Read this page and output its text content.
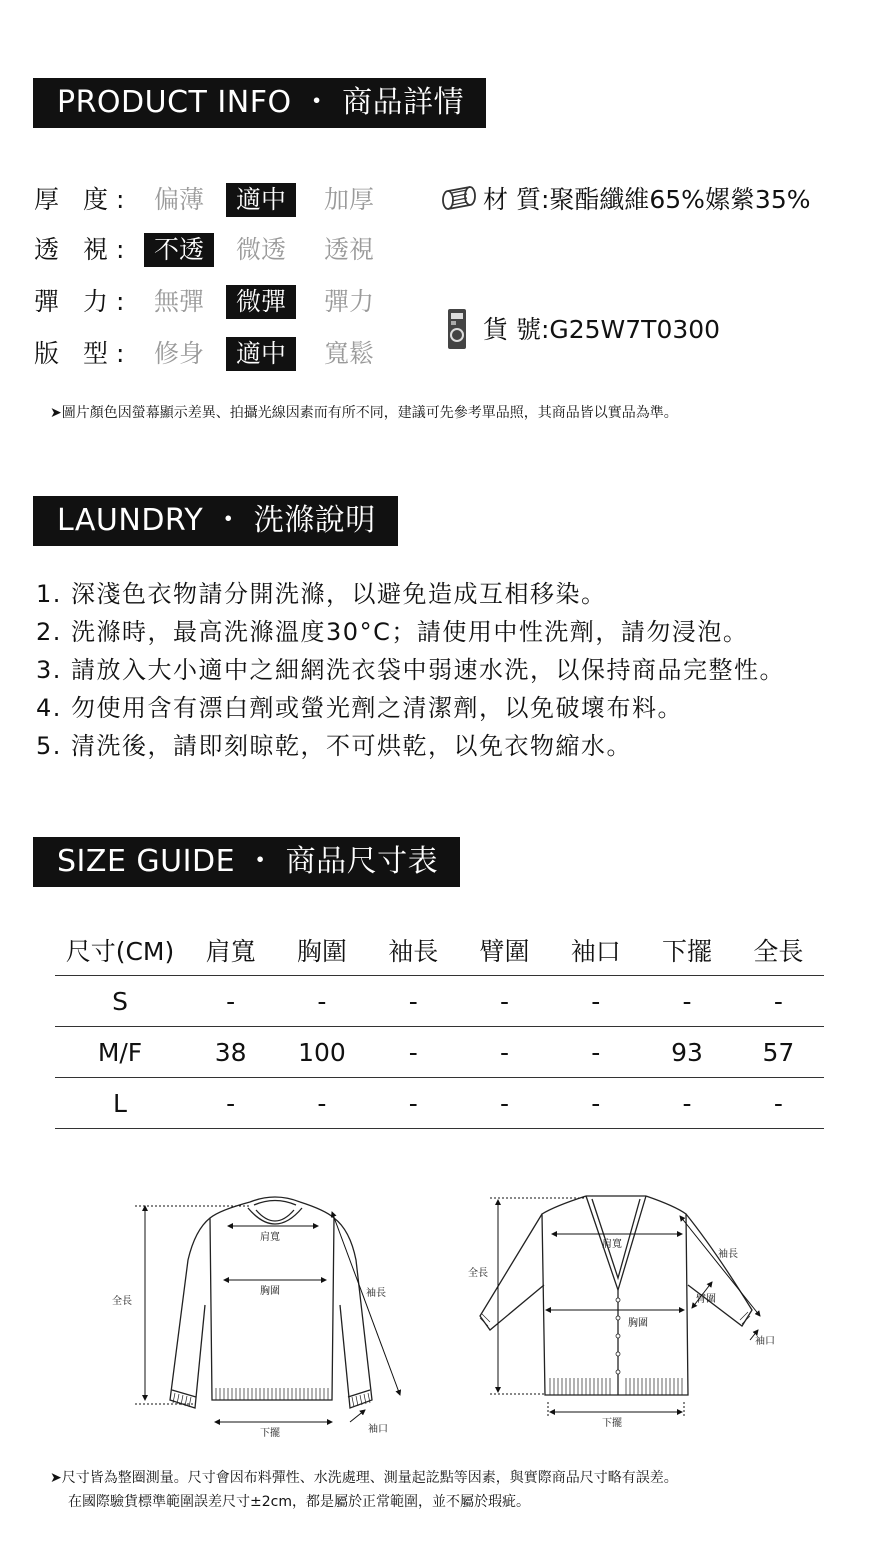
PRODUCT INFO ・ 商品詳情
厚 度: 偏薄	適中	加厚
透 視: 不透	微透	透視
彈 力: 無彈	微彈	彈力
版 型: 修身	適中	寬鬆
材 質:聚酯纖維65%嫘縈35%
貨 號:G25W7T0300
➤圖片顏色因螢幕顯示差異、拍攝光線因素而有所不同，建議可先參考單品照，其商品皆以實品為準。
LAUNDRY ・ 洗滌說明
1. 深淺色衣物請分開洗滌，以避免造成互相移染。
2. 洗滌時，最高洗滌溫度30°C；請使用中性洗劑，請勿浸泡。
3. 請放入大小適中之細網洗衣袋中弱速水洗，以保持商品完整性。
4. 勿使用含有漂白劑或螢光劑之清潔劑，以免破壞布料。
5. 清洗後，請即刻晾乾，不可烘乾，以免衣物縮水。
SIZE GUIDE ・ 商品尺寸表
尺寸(CM)	肩寬	胸圍	袖長	臂圍	袖口	下擺	全長
S	-	-	-	-	-	-	-
M/F	38	100	-	-	-	93	57
L	-	-	-	-	-	-	-
肩寬
胸圍
全長
袖長
下擺	袖口
肩寬
胸圍
全長
袖長
臂圍
下擺
袖口
➤尺寸皆為整圈測量。尺寸會因布料彈性、水洗處理、測量起訖點等因素，與實際商品尺寸略有誤差。
在國際驗貨標準範圍誤差尺寸±2cm，都是屬於正常範圍，並不屬於瑕疵。
